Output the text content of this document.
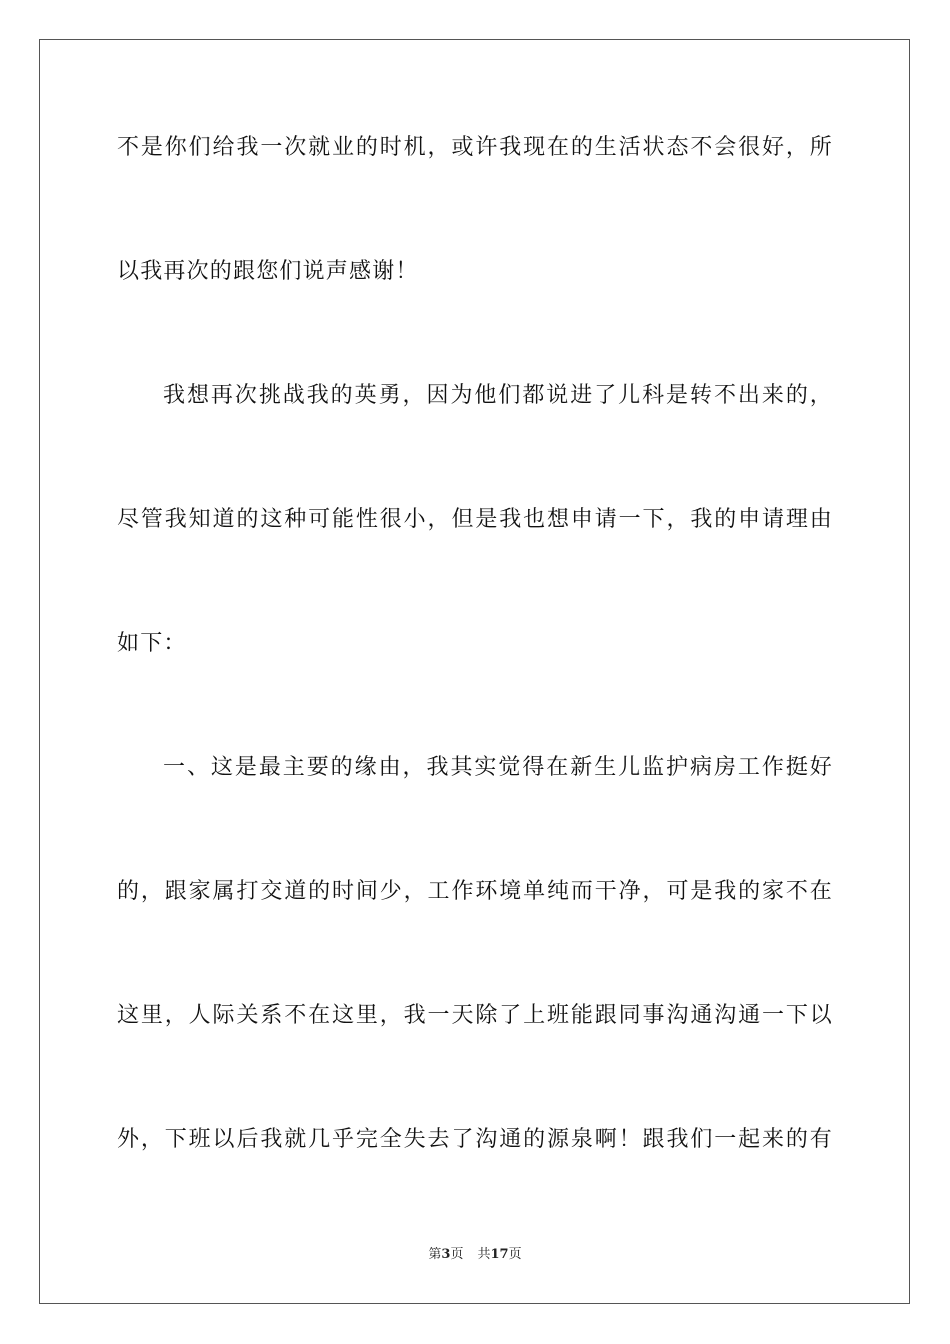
不是你们给我一次就业的时机，或许我现在的生活状态不会很好，所
以我再次的跟您们说声感谢！
我想再次挑战我的英勇，因为他们都说进了儿科是转不出来的，
尽管我知道的这种可能性很小，但是我也想申请一下，我的申请理由
如下：
一、这是最主要的缘由，我其实觉得在新生儿监护病房工作挺好
的，跟家属打交道的时间少，工作环境单纯而干净，可是我的家不在
这里，人际关系不在这里，我一天除了上班能跟同事沟通沟通一下以
外，下班以后我就几乎完全失去了沟通的源泉啊！跟我们一起来的有
第3页 共17页
